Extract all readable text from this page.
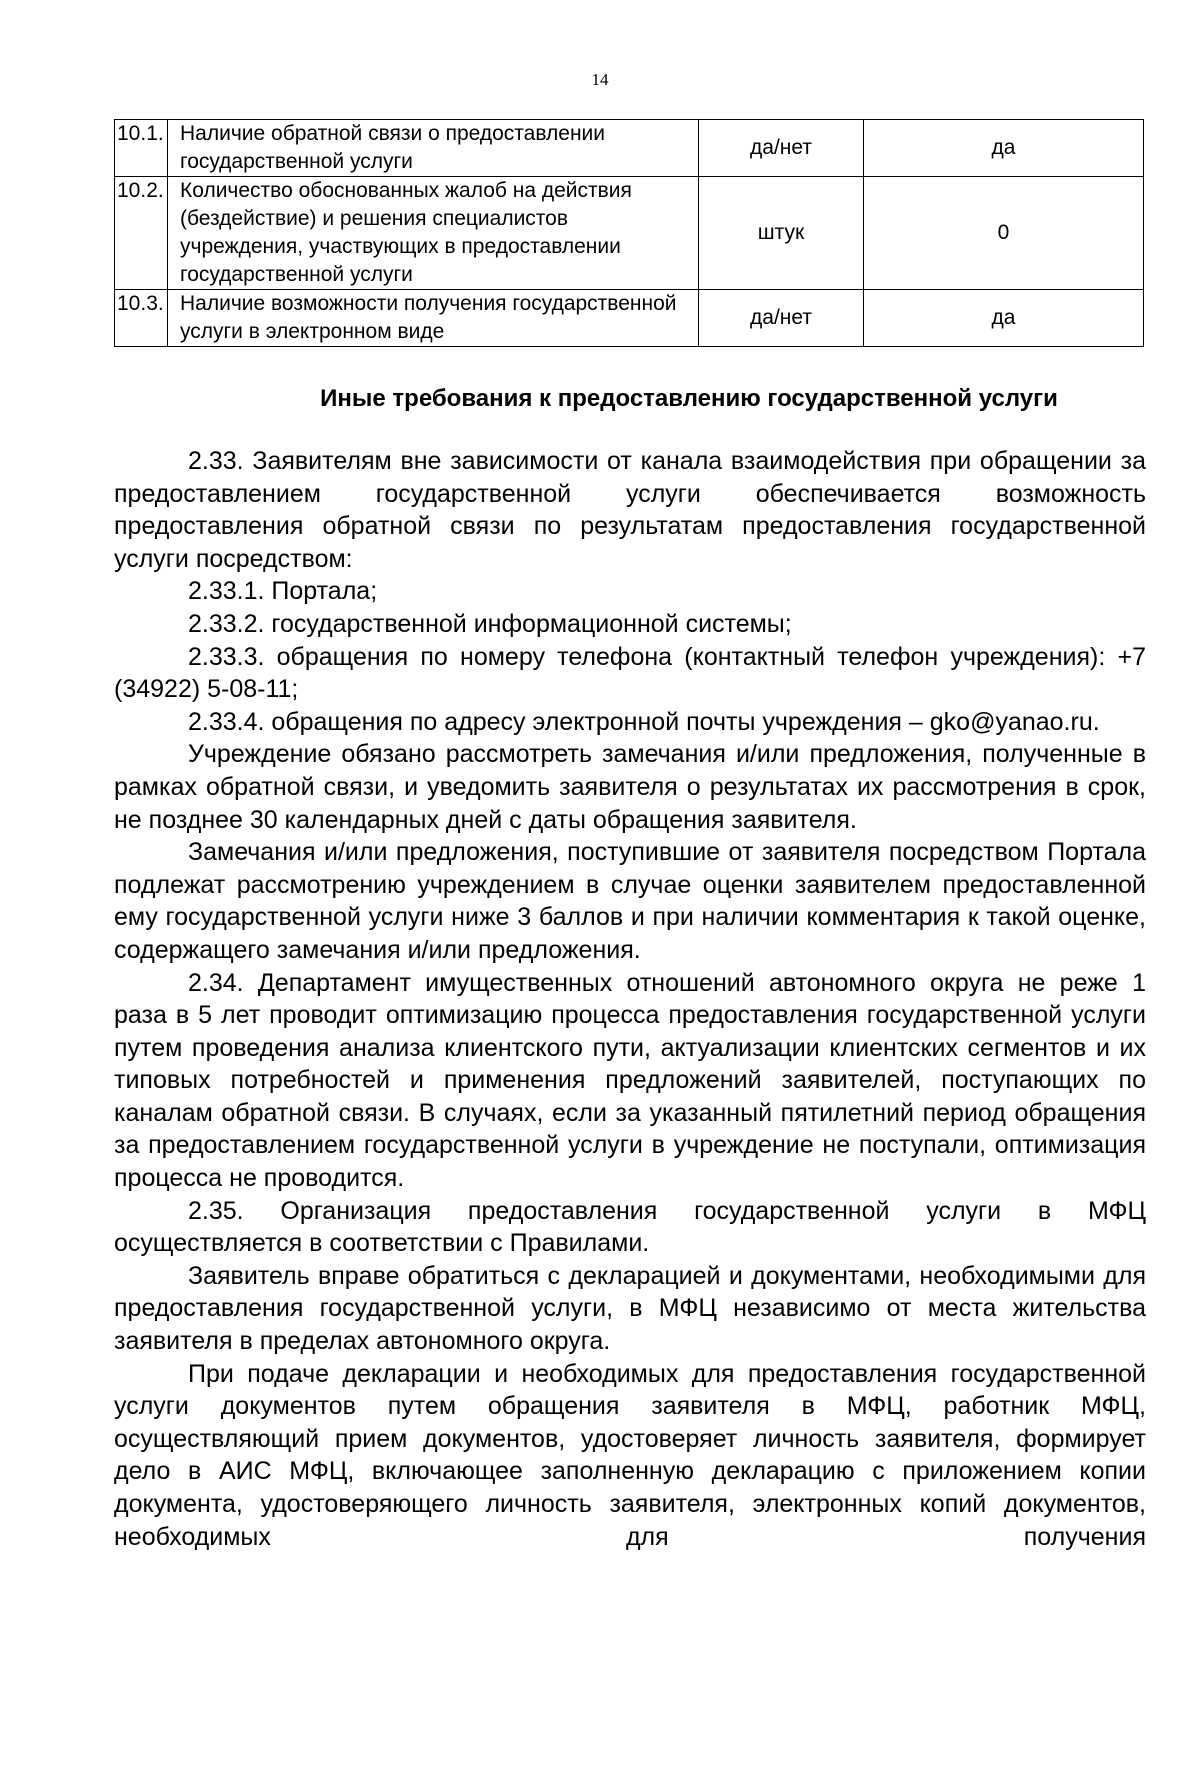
14
10.1.	Наличие обратной связи о предоставлении государственной услуги	да/нет	да
10.2.	Количество обоснованных жалоб на действия (бездействие) и решения специалистов учреждения, участвующих в предоставлении государственной услуги	штук	0
10.3.	Наличие возможности получения государственной услуги в электронном виде	да/нет	да
Иные требования к предоставлению государственной услуги

2.33. Заявителям вне зависимости от канала взаимодействия при обращении за предоставлением государственной услуги обеспечивается возможность предоставления обратной связи по результатам предоставления государственной услуги посредством:

2.33.1. Портала;

2.33.2. государственной информационной системы;

2.33.3. обращения по номеру телефона (контактный телефон учреждения): +7 (34922) 5-08-11;

2.33.4. обращения по адресу электронной почты учреждения – gko@yanao.ru.

Учреждение обязано рассмотреть замечания и/или предложения, полученные в рамках обратной связи, и уведомить заявителя о результатах их рассмотрения в срок, не позднее 30 календарных дней с даты обращения заявителя.

Замечания и/или предложения, поступившие от заявителя посредством Портала подлежат рассмотрению учреждением в случае оценки заявителем предоставленной ему государственной услуги ниже 3 баллов и при наличии комментария к такой оценке, содержащего замечания и/или предложения.

2.34. Департамент имущественных отношений автономного округа не реже 1 раза в 5 лет проводит оптимизацию процесса предоставления государственной услуги путем проведения анализа клиентского пути, актуализации клиентских сегментов и их типовых потребностей и применения предложений заявителей, поступающих по каналам обратной связи. В случаях, если за указанный пятилетний период обращения за предоставлением государственной услуги в учреждение не поступали, оптимизация процесса не проводится.

2.35. Организация предоставления государственной услуги в МФЦ осуществляется в соответствии с Правилами.

Заявитель вправе обратиться с декларацией и документами, необходимыми для предоставления государственной услуги, в МФЦ независимо от места жительства заявителя в пределах автономного округа.

При подаче декларации и необходимых для предоставления государственной услуги документов путем обращения заявителя в МФЦ, работник МФЦ, осуществляющий прием документов, удостоверяет личность заявителя, формирует дело в АИС МФЦ, включающее заполненную декларацию с приложением копии документа, удостоверяющего личность заявителя, электронных копий документов, необходимых для получения
